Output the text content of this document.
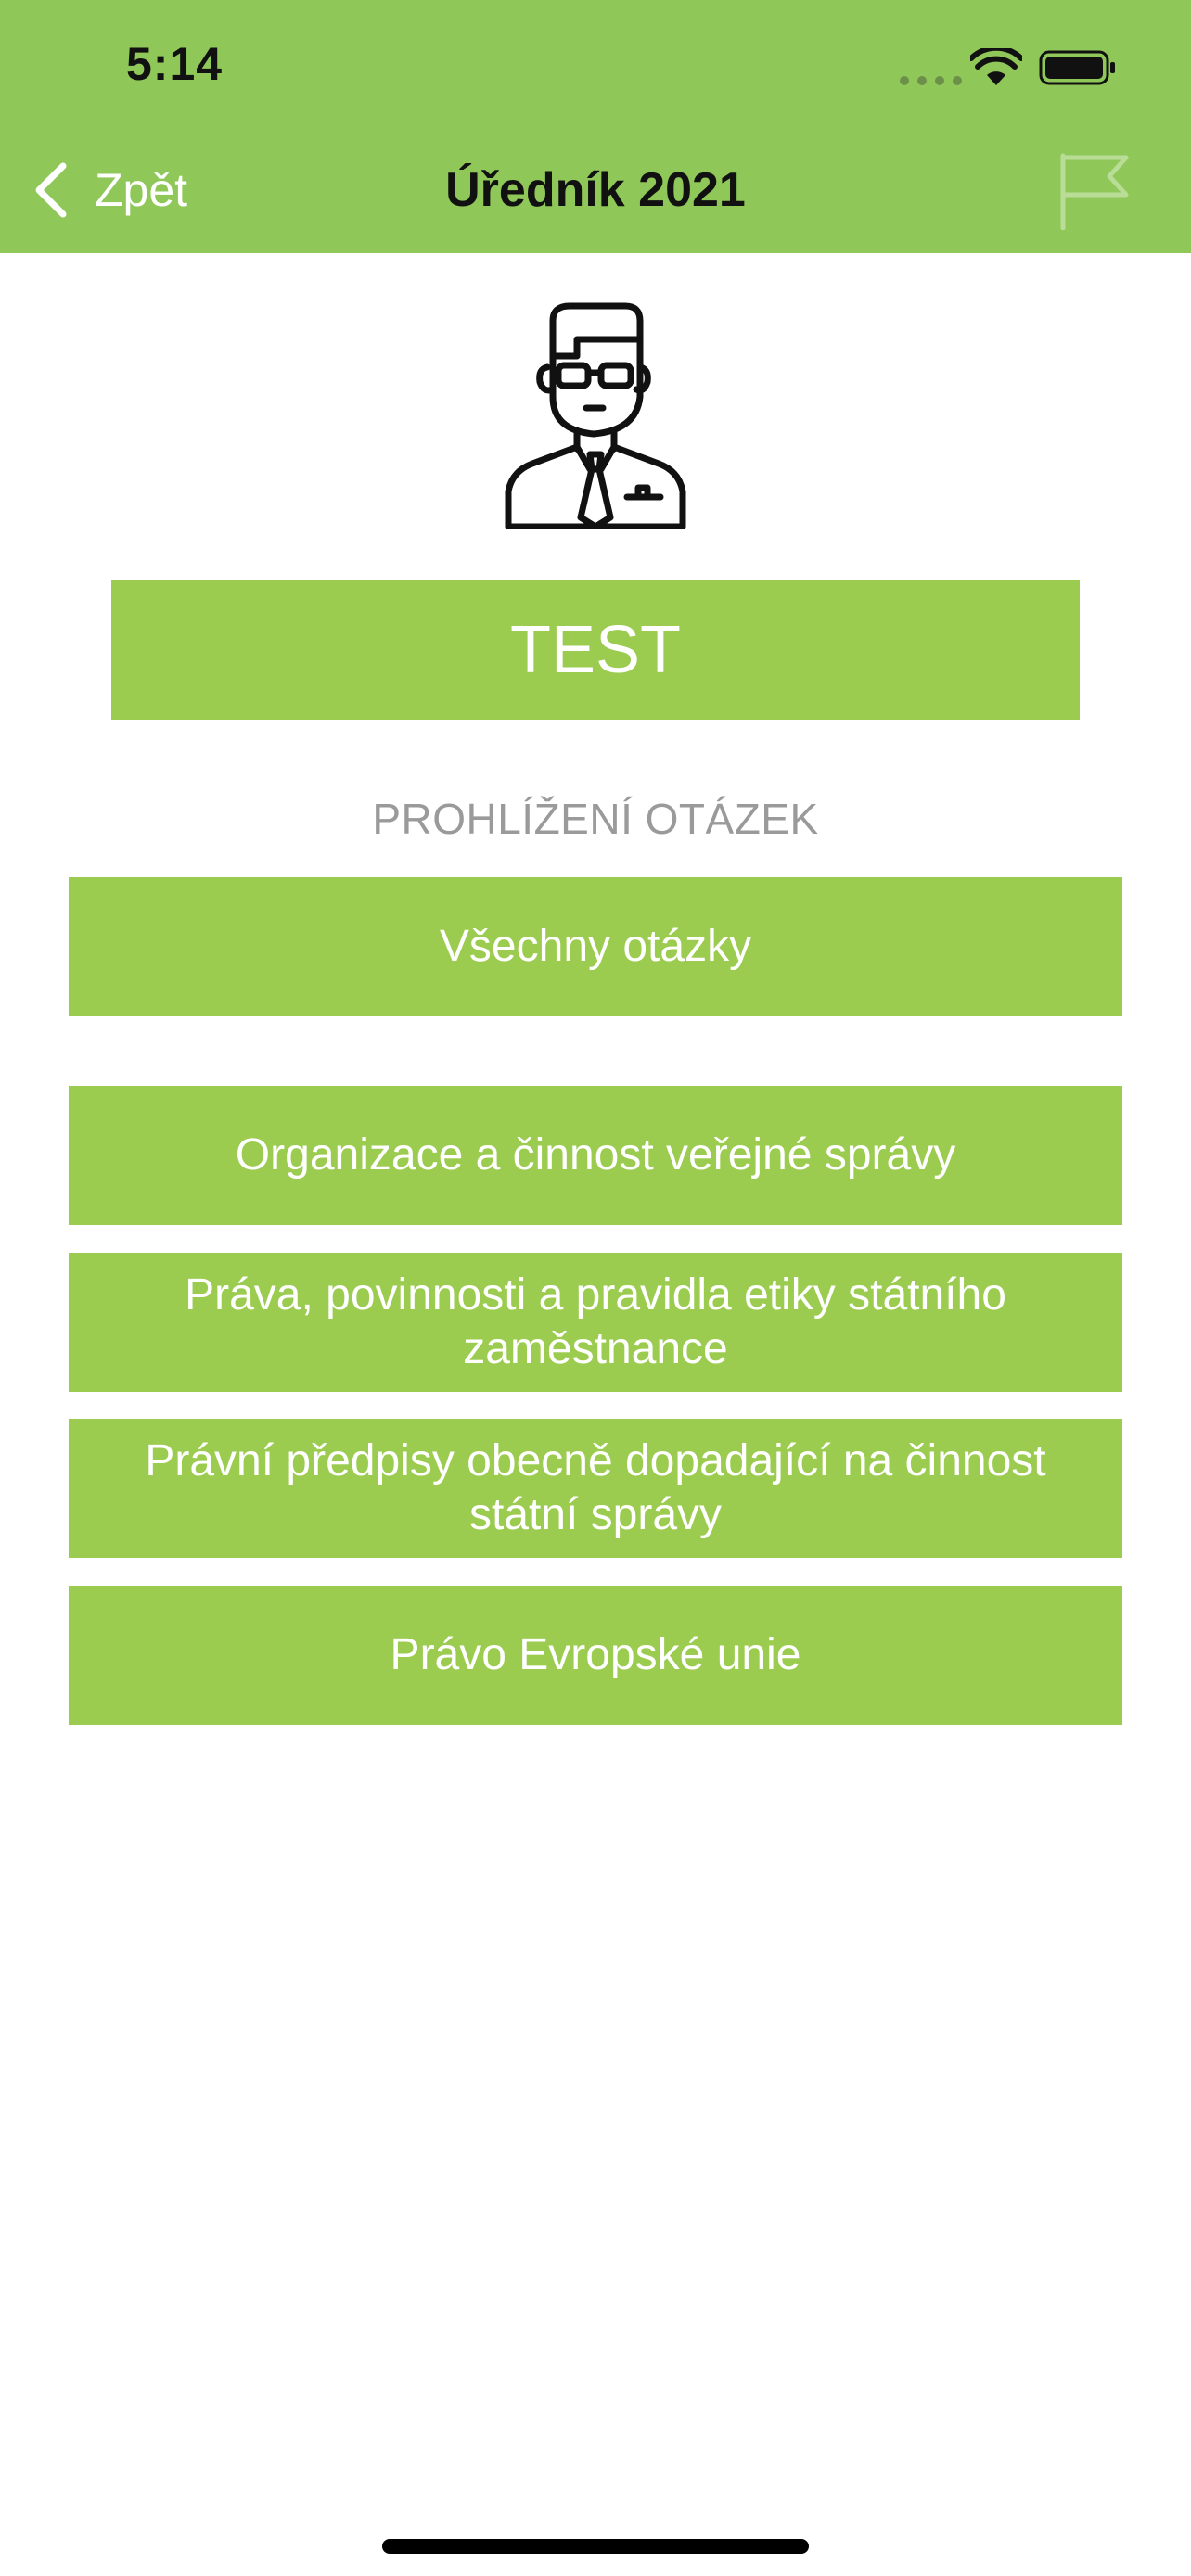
5:14
Zpět	Úředník 2021
TEST
PROHLÍŽENÍ OTÁZEK
Všechny otázky
Organizace a činnost veřejné správy
Práva, povinnosti a pravidla etiky státního zaměstnance
Právní předpisy obecně dopadající na činnost státní správy
Právo Evropské unie
